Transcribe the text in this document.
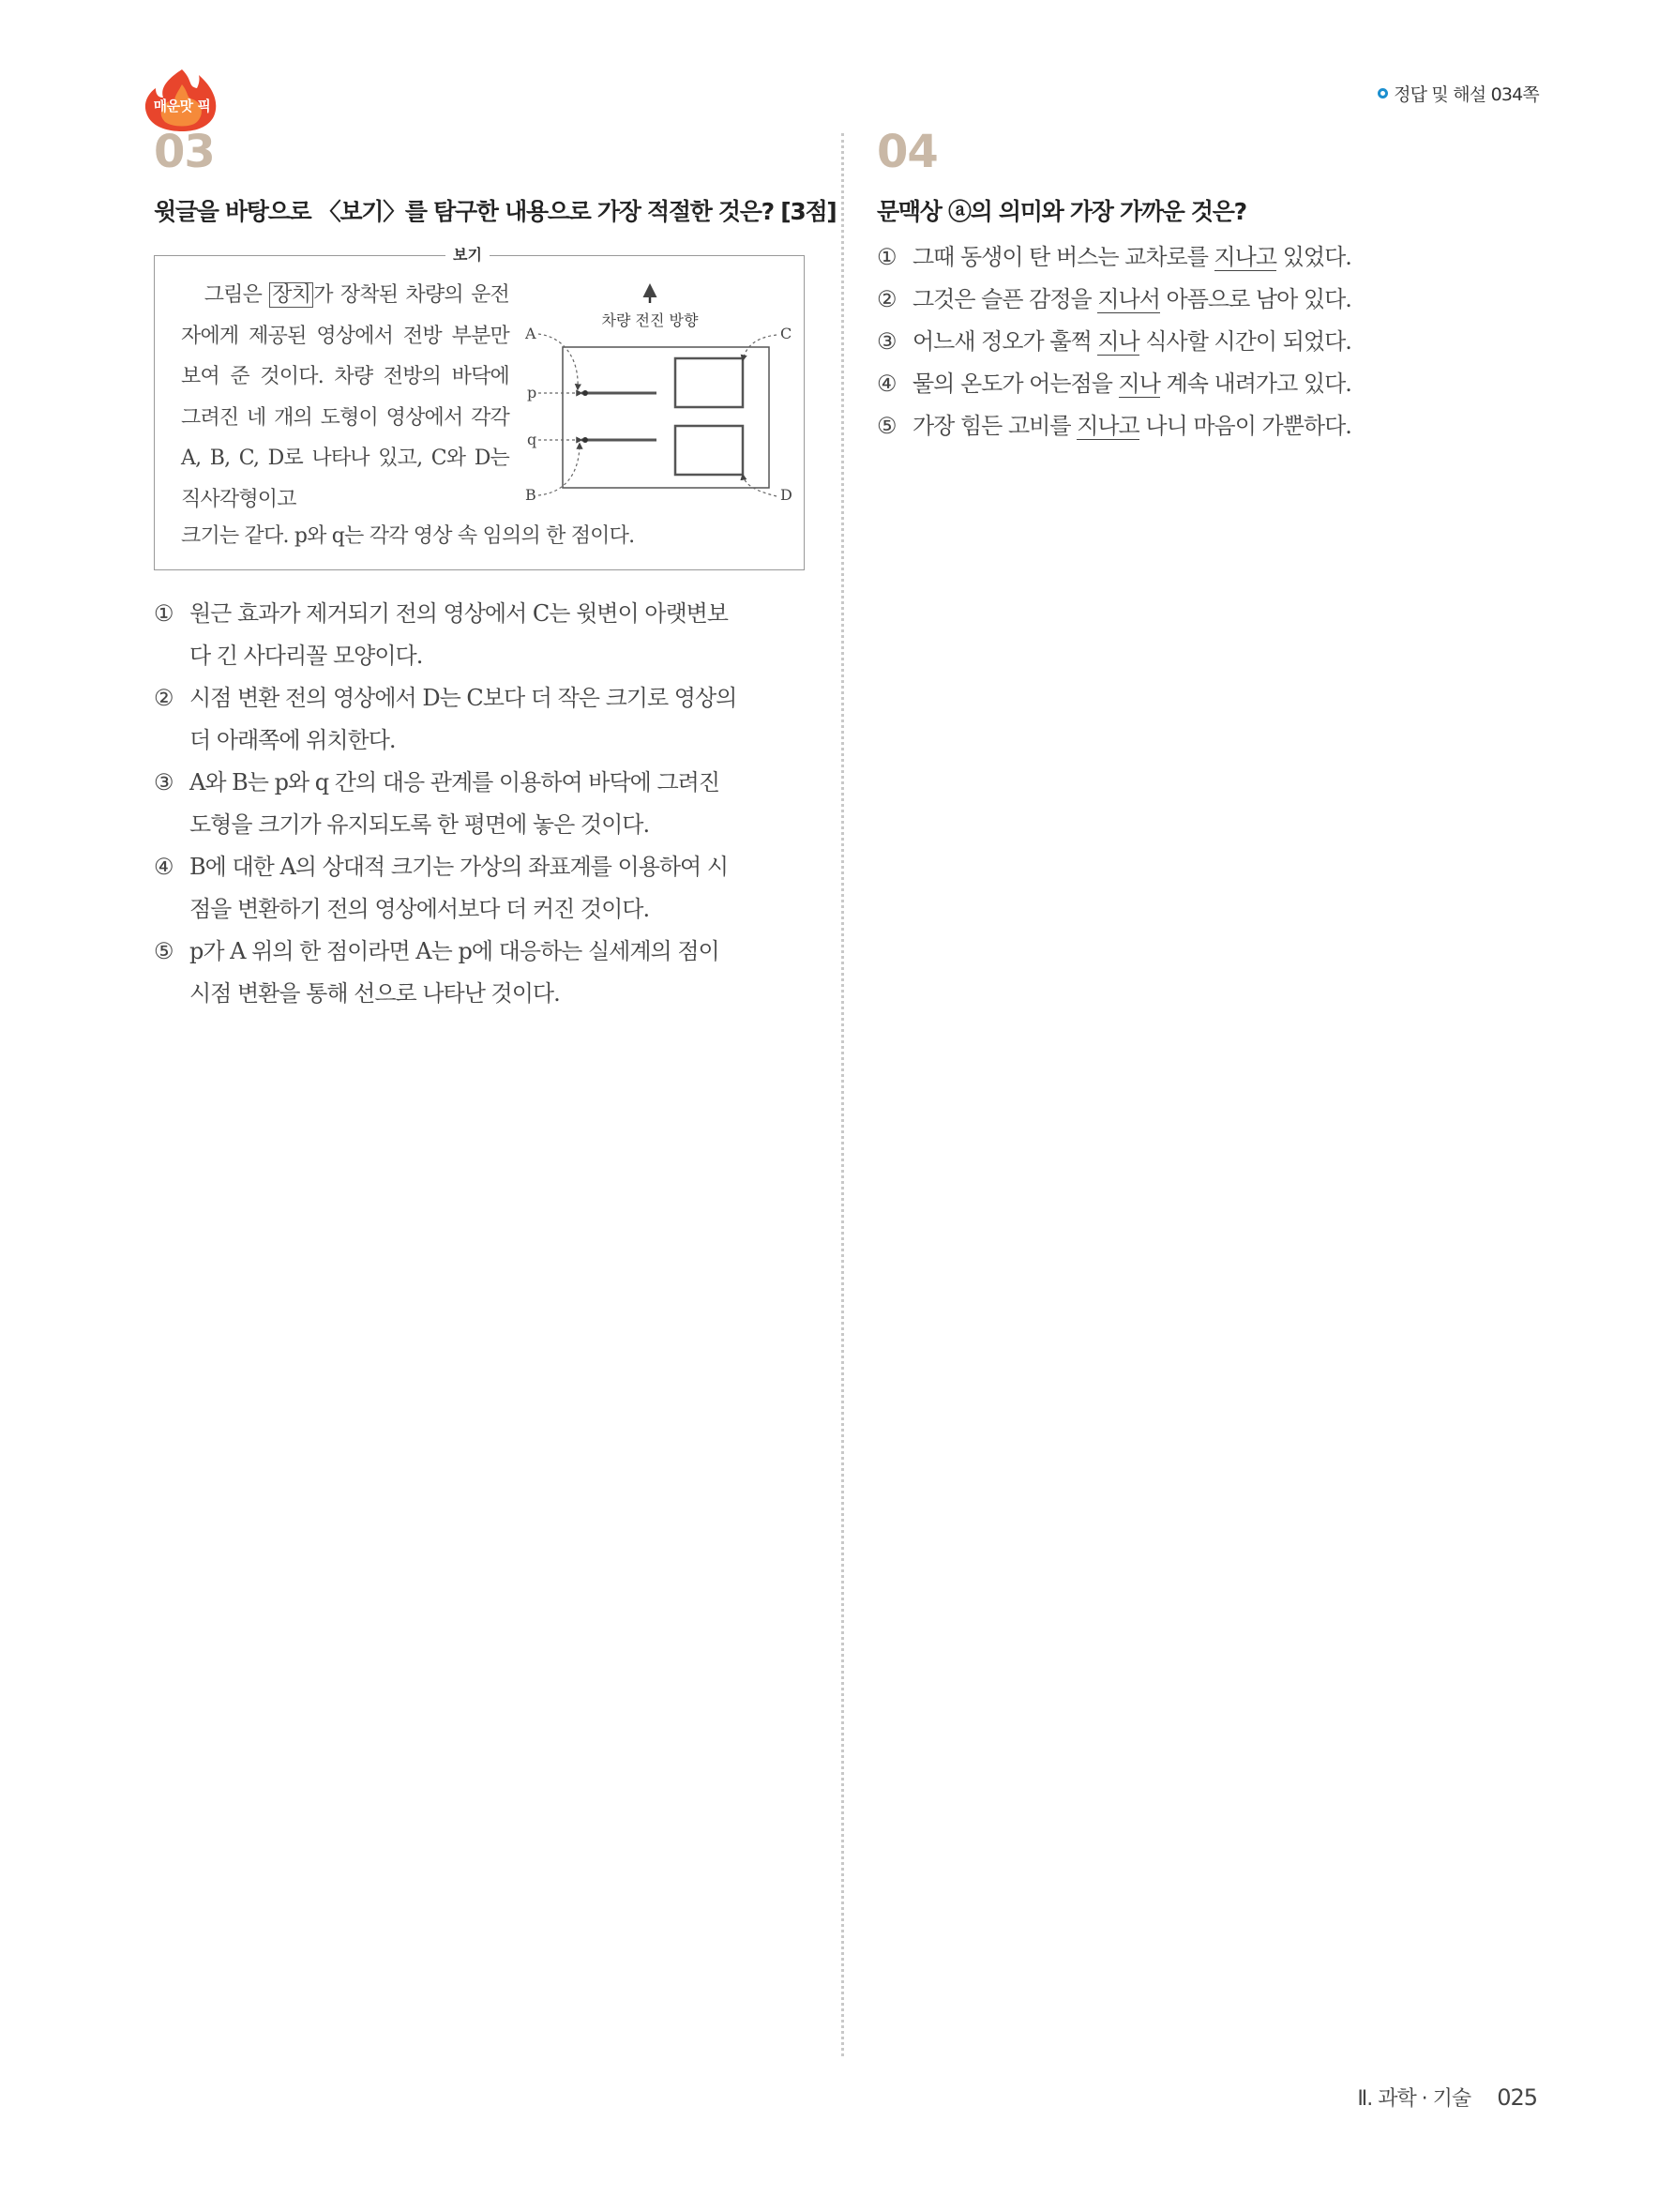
매운맛 픽
정답 및 해설 034쪽
03
윗글을 바탕으로 〈보기〉를 탐구한 내용으로 가장 적절한 것은? [3점]
보기
그림은 장치 가 장착된 차량의 운전자에게 제공된 영상에서 전방 부분만 보여 준 것이다. 차량 전방의 바닥에 그려진 네 개의 도형이 영상에서 각각 A, B, C, D로 나타나 있고, C와 D는 직사각형이고
크기는 같다. p와 q는 각각 영상 속 임의의 한 점이다.
차량 전진 방향
p
q
A
B
C
D
① 원근 효과가 제거되기 전의 영상에서 C는 윗변이 아랫변보
다 긴 사다리꼴 모양이다.
② 시점 변환 전의 영상에서 D는 C보다 더 작은 크기로 영상의
더 아래쪽에 위치한다.
③ A와 B는 p와 q 간의 대응 관계를 이용하여 바닥에 그려진
도형을 크기가 유지되도록 한 평면에 놓은 것이다.
④ B에 대한 A의 상대적 크기는 가상의 좌표계를 이용하여 시
점을 변환하기 전의 영상에서보다 더 커진 것이다.
⑤ p가 A 위의 한 점이라면 A는 p에 대응하는 실세계의 점이
시점 변환을 통해 선으로 나타난 것이다.
04
문맥상 ⓐ의 의미와 가장 가까운 것은?
① 그때 동생이 탄 버스는 교차로를 지나고 있었다.
② 그것은 슬픈 감정을 지나서 아픔으로 남아 있다.
③ 어느새 정오가 훌쩍 지나 식사할 시간이 되었다.
④ 물의 온도가 어는점을 지나 계속 내려가고 있다.
⑤ 가장 힘든 고비를 지나고 나니 마음이 가뿐하다.
Ⅱ. 과학 · 기술 025
